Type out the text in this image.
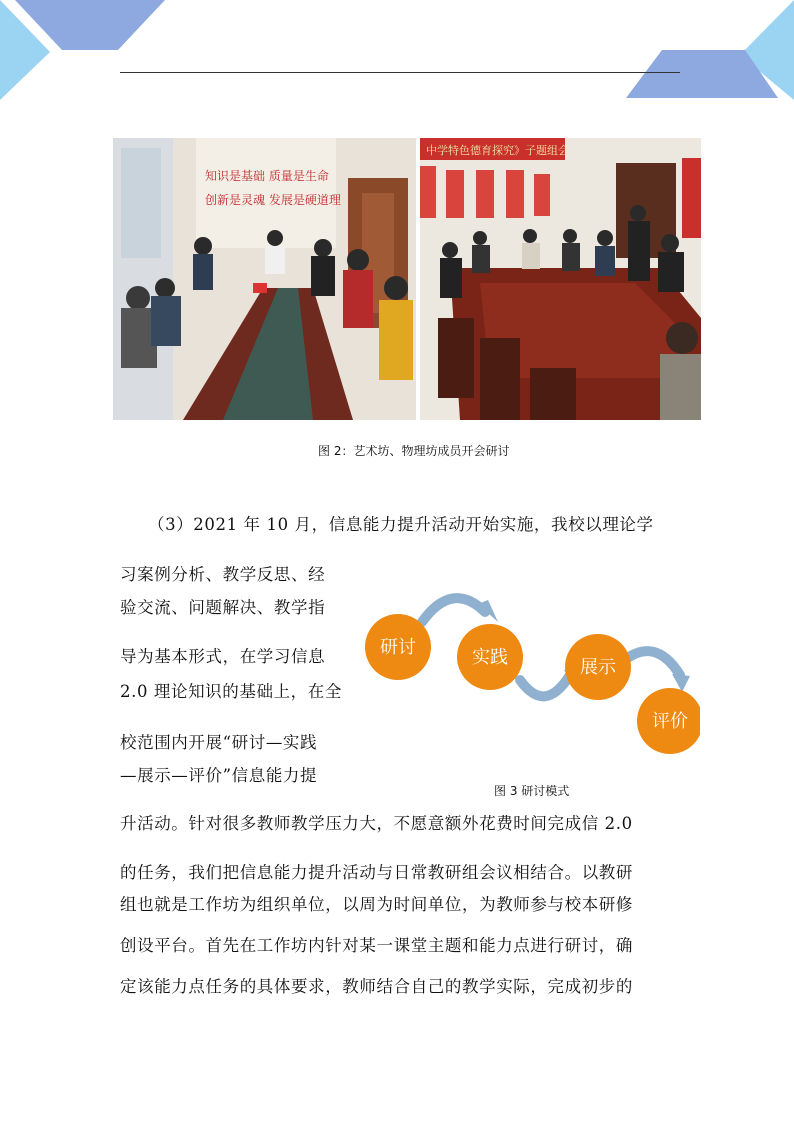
知识是基础 质量是生命
创新是灵魂 发展是硬道理
中学特色德育探究》子题组会
图 2：艺术坊、物理坊成员开会研讨
（3）2021 年 10 月，信息能力提升活动开始实施，我校以理论学
习案例分析、教学反思、经
验交流、问题解决、教学指
导为基本形式，在学习信息
2.0 理论知识的基础上，在全
校范围内开展“研讨—实践
—展示—评价”信息能力提
升活动。针对很多教师教学压力大，不愿意额外花费时间完成信 2.0
的任务，我们把信息能力提升活动与日常教研组会议相结合。以教研
组也就是工作坊为组织单位，以周为时间单位，为教师参与校本研修
创设平台。首先在工作坊内针对某一课堂主题和能力点进行研讨，确
定该能力点任务的具体要求，教师结合自己的教学实际，完成初步的
研讨	实践	展示
评价
图 3 研讨模式
